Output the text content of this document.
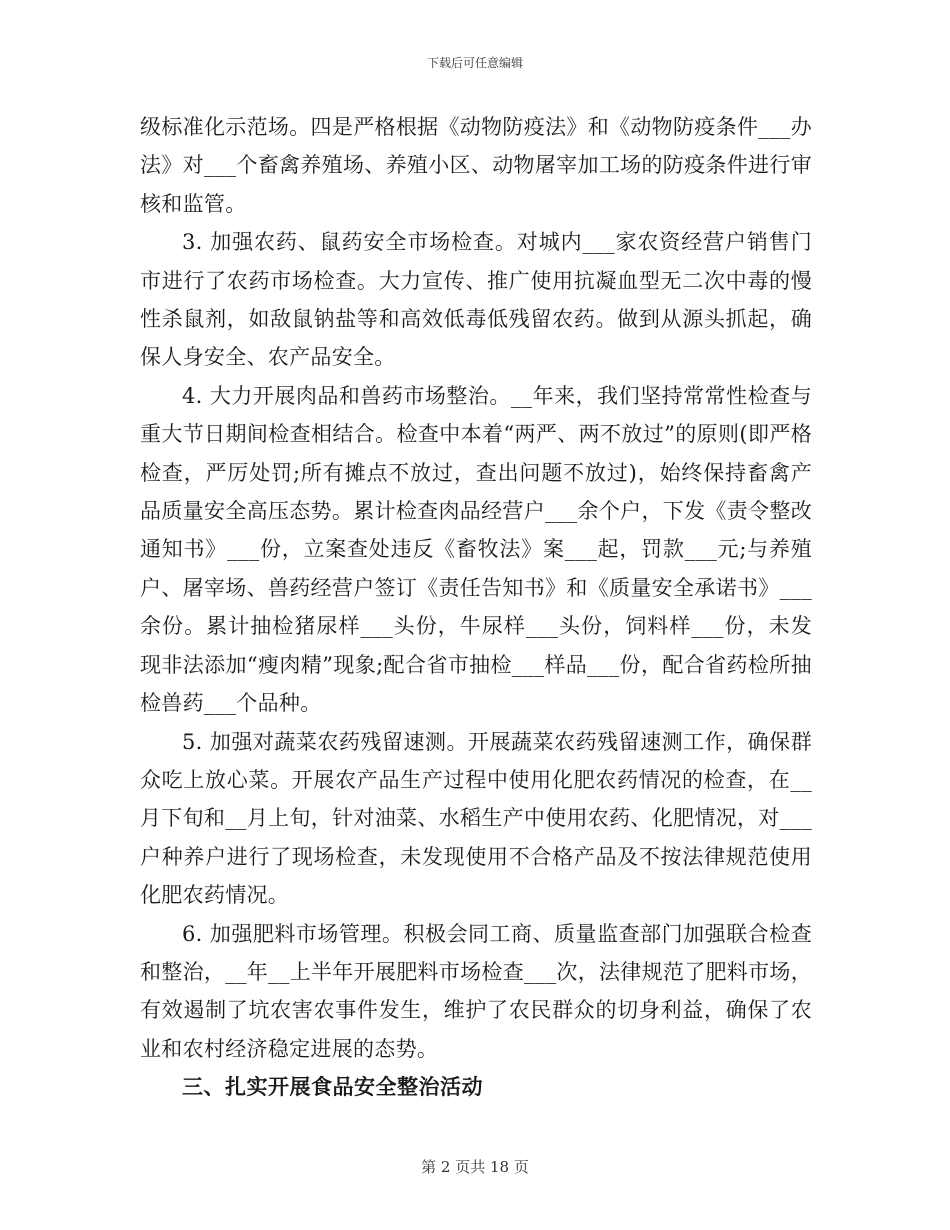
下载后可任意编辑

级标准化示范场。四是严格根据《动物防疫法》和《动物防疫条件___办法》对___个畜禽养殖场、养殖小区、动物屠宰加工场的防疫条件进行审核和监管。

3. 加强农药、鼠药安全市场检查。对城内___家农资经营户销售门市进行了农药市场检查。大力宣传、推广使用抗凝血型无二次中毒的慢性杀鼠剂，如敌鼠钠盐等和高效低毒低残留农药。做到从源头抓起，确保人身安全、农产品安全。

4. 大力开展肉品和兽药市场整治。__年来，我们坚持常常性检查与重大节日期间检查相结合。检查中本着“两严、两不放过”的原则(即严格检查，严厉处罚;所有摊点不放过，查出问题不放过)，始终保持畜禽产品质量安全高压态势。累计检查肉品经营户___余个户，下发《责令整改通知书》___份，立案查处违反《畜牧法》案___起，罚款___元;与养殖户、屠宰场、兽药经营户签订《责任告知书》和《质量安全承诺书》___余份。累计抽检猪尿样___头份，牛尿样___头份，饲料样___份，未发现非法添加“瘦肉精”现象;配合省市抽检___样品___份，配合省药检所抽检兽药___个品种。

5. 加强对蔬菜农药残留速测。开展蔬菜农药残留速测工作，确保群众吃上放心菜。开展农产品生产过程中使用化肥农药情况的检查，在__月下旬和__月上旬，针对油菜、水稻生产中使用农药、化肥情况，对___户种养户进行了现场检查，未发现使用不合格产品及不按法律规范使用化肥农药情况。

6. 加强肥料市场管理。积极会同工商、质量监查部门加强联合检查和整治，__年__上半年开展肥料市场检查___次，法律规范了肥料市场，有效遏制了坑农害农事件发生，维护了农民群众的切身利益，确保了农业和农村经济稳定进展的态势。

三、扎实开展食品安全整治活动

第 2 页共 18 页
